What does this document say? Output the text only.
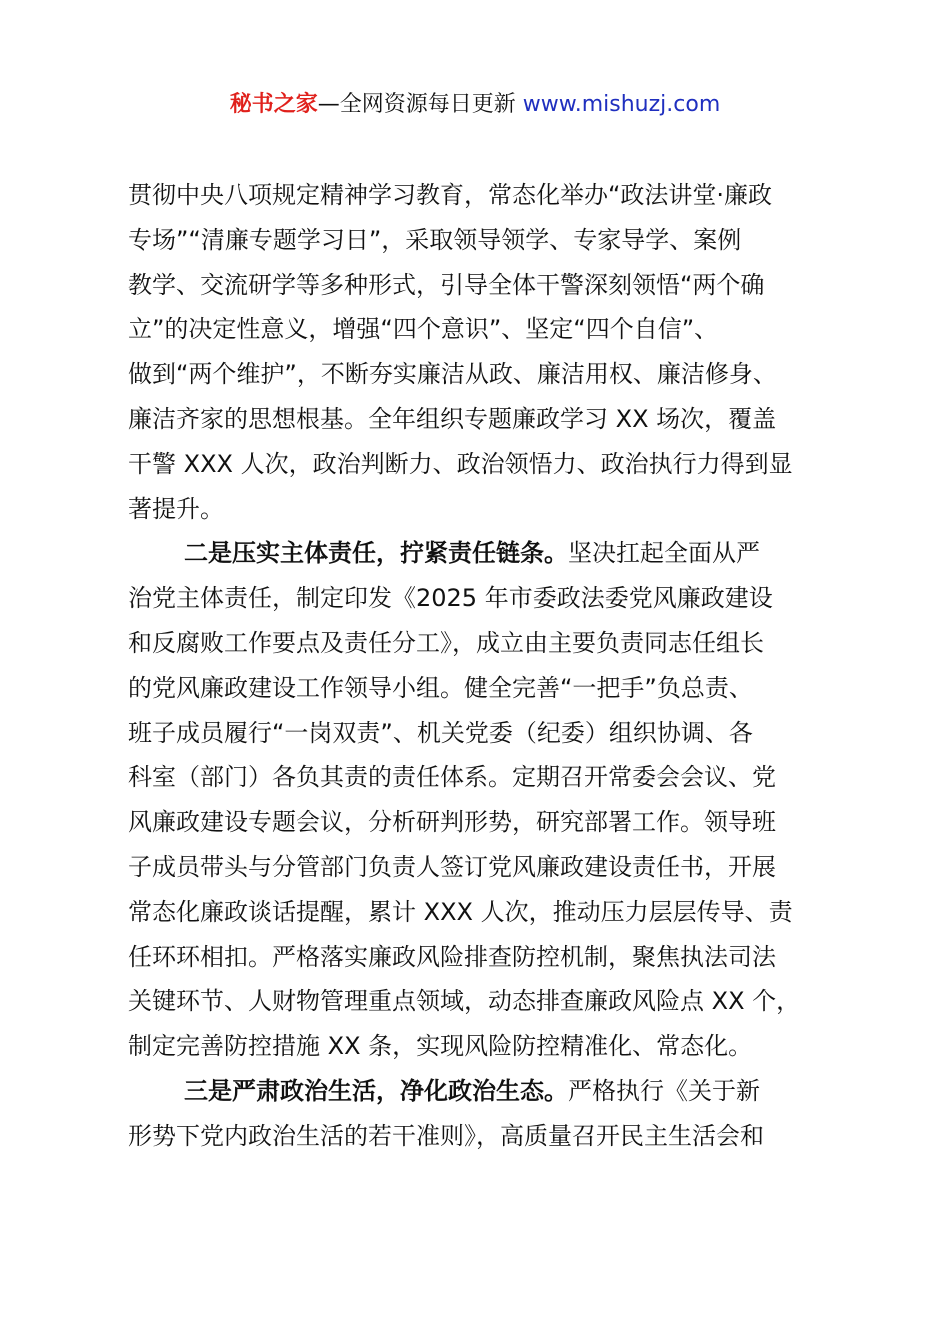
秘书之家—全网资源每日更新 www.mishuzj.com
贯彻中央八项规定精神学习教育，常态化举办“政法讲堂·廉政
专场”“清廉专题学习日”，采取领导领学、专家导学、案例
教学、交流研学等多种形式，引导全体干警深刻领悟“两个确
立”的决定性意义，增强“四个意识”、坚定“四个自信”、
做到“两个维护”，不断夯实廉洁从政、廉洁用权、廉洁修身、
廉洁齐家的思想根基。全年组织专题廉政学习 XX 场次，覆盖
干警 XXX 人次，政治判断力、政治领悟力、政治执行力得到显
著提升。
二是压实主体责任，拧紧责任链条。坚决扛起全面从严
治党主体责任，制定印发《2025 年市委政法委党风廉政建设
和反腐败工作要点及责任分工》，成立由主要负责同志任组长
的党风廉政建设工作领导小组。健全完善“一把手”负总责、
班子成员履行“一岗双责”、机关党委（纪委）组织协调、各
科室（部门）各负其责的责任体系。定期召开常委会会议、党
风廉政建设专题会议，分析研判形势，研究部署工作。领导班
子成员带头与分管部门负责人签订党风廉政建设责任书，开展
常态化廉政谈话提醒，累计 XXX 人次，推动压力层层传导、责
任环环相扣。严格落实廉政风险排查防控机制，聚焦执法司法
关键环节、人财物管理重点领域，动态排查廉政风险点 XX 个，
制定完善防控措施 XX 条，实现风险防控精准化、常态化。
三是严肃政治生活，净化政治生态。严格执行《关于新
形势下党内政治生活的若干准则》，高质量召开民主生活会和
